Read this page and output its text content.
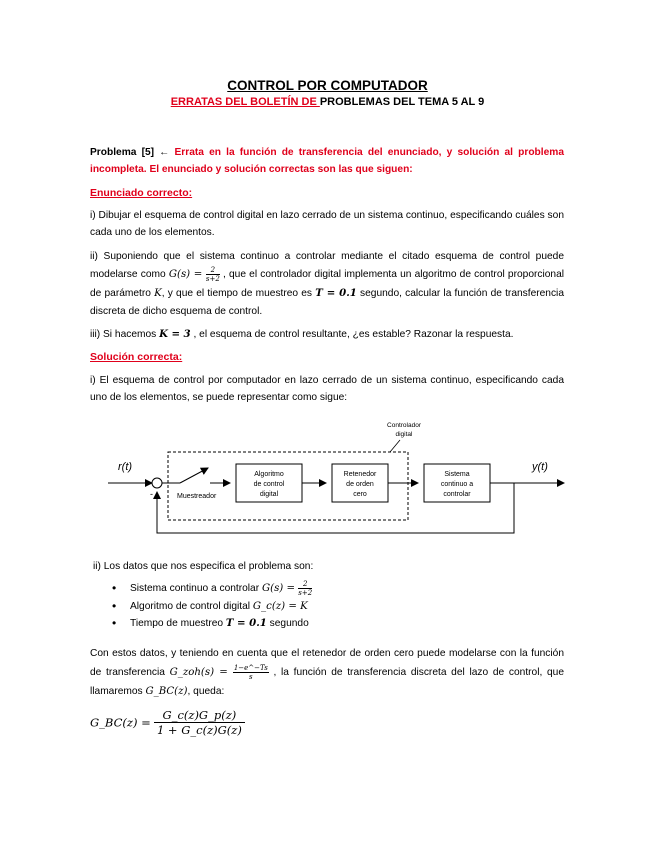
CONTROL POR COMPUTADOR
ERRATAS DEL BOLETÍN DE PROBLEMAS DEL TEMA 5 AL 9
Problema [5] ← Errata en la función de transferencia del enunciado, y solución al problema incompleta. El enunciado y solución correctas son las que siguen:
Enunciado correcto:
i) Dibujar el esquema de control digital en lazo cerrado de un sistema continuo, especificando cuáles son cada uno de los elementos.
ii) Suponiendo que el sistema continuo a controlar mediante el citado esquema de control puede modelarse como $G(s) = \frac{2}{s+2}$ , que el controlador digital implementa un algoritmo de control proporcional de parámetro K, y que el tiempo de muestreo es T = 0.1 segundo, calcular la función de transferencia discreta de dicho esquema de control.
iii) Si hacemos K = 3 , el esquema de control resultante, ¿es estable? Razonar la respuesta.
Solución correcta:
i) El esquema de control por computador en lazo cerrado de un sistema continuo, especificando cada uno de los elementos, se puede representar como sigue:
Controlador
digital
r(t)
-	Muestreador
Algoritmo
de control
digital
Retenedor
de orden
cero
Sistema
continuo a
controlar
y(t)
ii) Los datos que nos especifica el problema son:
• Sistema continuo a controlar $G(s) = \frac{2}{s+2}$
• Algoritmo de control digital G_c(z) = K
• Tiempo de muestreo T = 0.1 segundo
Con estos datos, y teniendo en cuenta que el retenedor de orden cero puede modelarse con la función de transferencia G_zoh(s) = $\frac{1-e\^{}-Ts}{s}$ , la función de transferencia discreta del lazo de control, que llamaremos G_BC(z), queda:
G_BC(z) = $\frac{G\_c(z)G\_p(z)}{1 + G\_c(z)G(z)}$
